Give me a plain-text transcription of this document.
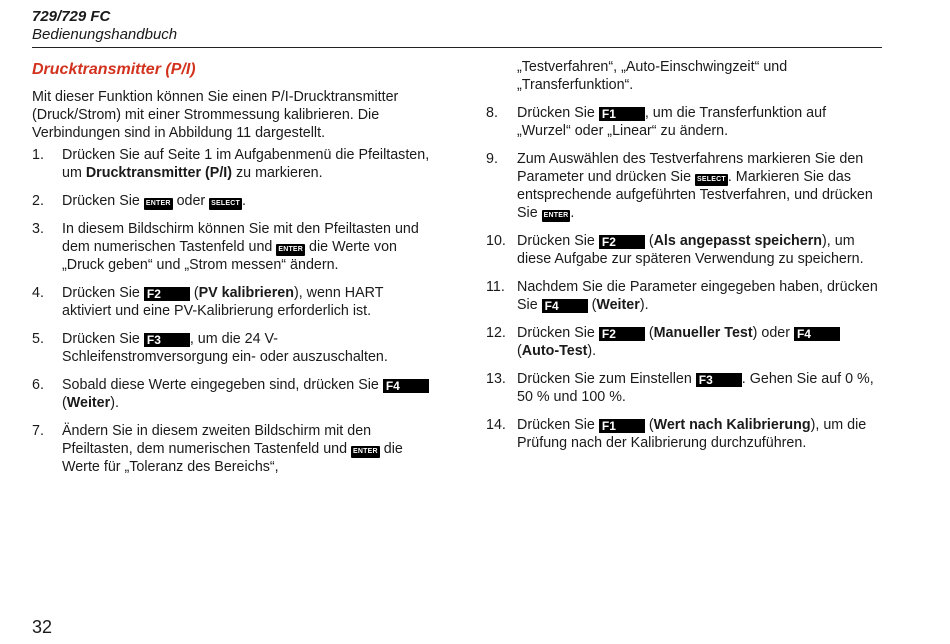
729/729 FC
Bedienungshandbuch
Drucktransmitter (P/I)

Mit dieser Funktion können Sie einen P/I-Drucktransmitter (Druck/Strom) mit einer Strommessung kalibrieren. Die Verbindungen sind in Abbildung 11 dargestellt.

1.	Drücken Sie auf Seite 1 im Aufgabenmenü die Pfeiltasten, um Drucktransmitter (P/I) zu markieren.
2.	Drücken Sie ENTER oder SELECT .
3.	In diesem Bildschirm können Sie mit den Pfeiltasten und dem numerischen Tastenfeld und ENTER die Werte von „Druck geben“ und „Strom messen“ ändern.
4.	Drücken Sie F2 (PV kalibrieren), wenn HART aktiviert und eine PV-Kalibrierung erforderlich ist.
5.	Drücken Sie F3 , um die 24 V-Schleifenstromversorgung ein- oder auszuschalten.
6.	Sobald diese Werte eingegeben sind, drücken Sie F4 (Weiter).
7.	Ändern Sie in diesem zweiten Bildschirm mit den Pfeiltasten, dem numerischen Tastenfeld und ENTER die Werte für „Toleranz des Bereichs“,
„Testverfahren“, „Auto-Einschwingzeit“ und „Transferfunktion“.
8.	Drücken Sie F1 , um die Transferfunktion auf „Wurzel“ oder „Linear“ zu ändern.
9.	Zum Auswählen des Testverfahrens markieren Sie den Parameter und drücken Sie SELECT . Markieren Sie das entsprechende aufgeführten Testverfahren, und drücken Sie ENTER .
10. Drücken Sie F2 (Als angepasst speichern), um diese Aufgabe zur späteren Verwendung zu speichern.
11. Nachdem Sie die Parameter eingegeben haben, drücken Sie F4 (Weiter).
12. Drücken Sie F2 (Manueller Test) oder F4
(Auto-Test).
13. Drücken Sie zum Einstellen F3 . Gehen Sie auf 0 %, 50 % und 100 %.
14. Drücken Sie F1 (Wert nach Kalibrierung), um die Prüfung nach der Kalibrierung durchzuführen.
32
